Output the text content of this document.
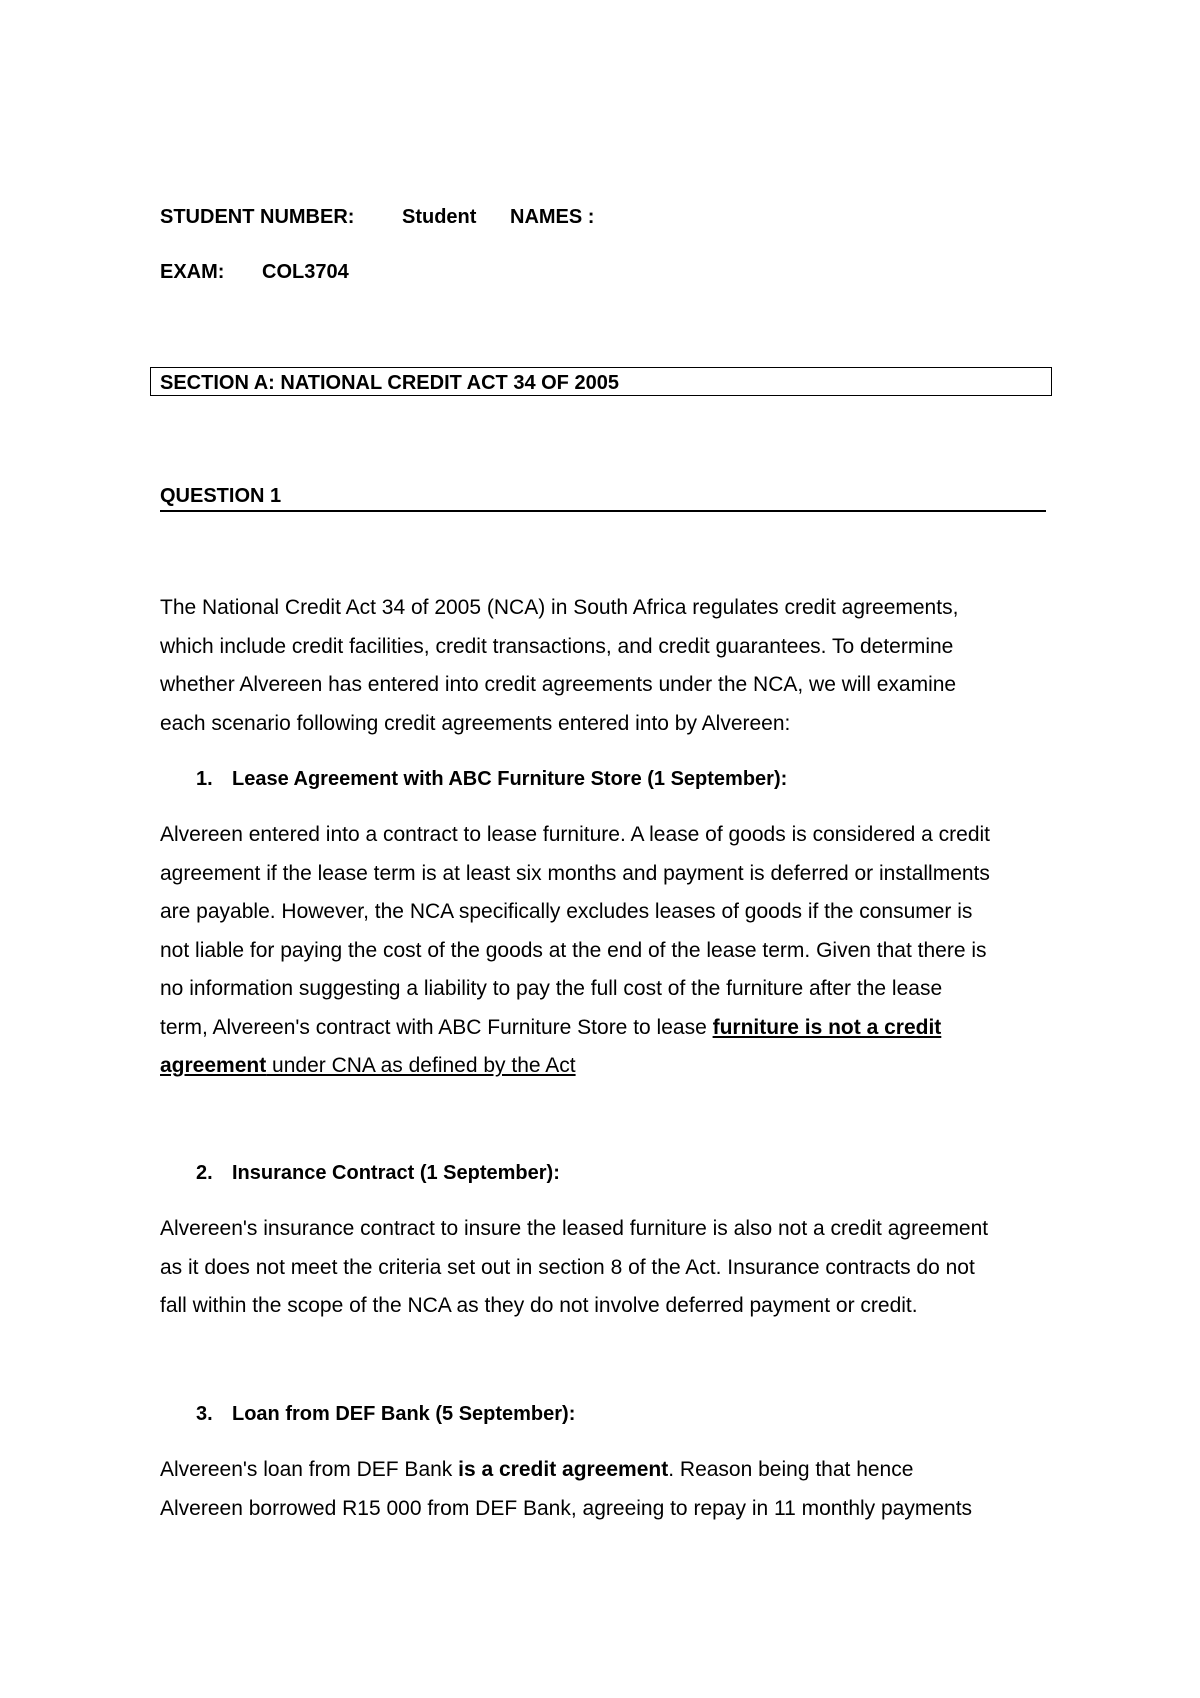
STUDENT NUMBER: Student NAMES :
EXAM: COL3704
SECTION A: NATIONAL CREDIT ACT 34 OF 2005
QUESTION 1
The National Credit Act 34 of 2005 (NCA) in South Africa regulates credit agreements,
which include credit facilities, credit transactions, and credit guarantees. To determine
whether Alvereen has entered into credit agreements under the NCA, we will examine
each scenario following credit agreements entered into by Alvereen:
1. Lease Agreement with ABC Furniture Store (1 September):
Alvereen entered into a contract to lease furniture. A lease of goods is considered a credit
agreement if the lease term is at least six months and payment is deferred or installments
are payable. However, the NCA specifically excludes leases of goods if the consumer is
not liable for paying the cost of the goods at the end of the lease term. Given that there is
no information suggesting a liability to pay the full cost of the furniture after the lease
term, Alvereen's contract with ABC Furniture Store to lease furniture is not a credit
agreement under CNA as defined by the Act
2. Insurance Contract (1 September):
Alvereen's insurance contract to insure the leased furniture is also not a credit agreement
as it does not meet the criteria set out in section 8 of the Act. Insurance contracts do not
fall within the scope of the NCA as they do not involve deferred payment or credit.
3. Loan from DEF Bank (5 September):
Alvereen's loan from DEF Bank is a credit agreement. Reason being that hence
Alvereen borrowed R15 000 from DEF Bank, agreeing to repay in 11 monthly payments
